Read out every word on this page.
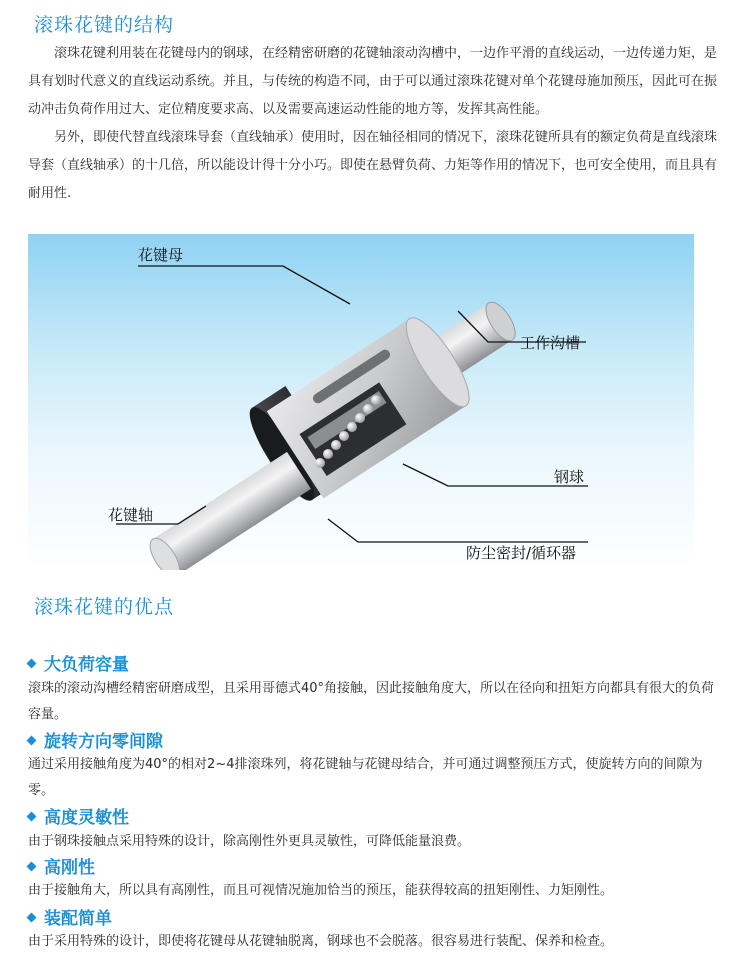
滚珠花键的结构

滚珠花键利用装在花键母内的钢球，在经精密研磨的花键轴滚动沟槽中，一边作平滑的直线运动，一边传递力矩，是具有划时代意义的直线运动系统。并且，与传统的构造不同，由于可以通过滚珠花键对单个花键母施加预压，因此可在振动冲击负荷作用过大、定位精度要求高、以及需要高速运动性能的地方等，发挥其高性能。

另外，即使代替直线滚珠导套（直线轴承）使用时，因在轴径相同的情况下，滚珠花键所具有的额定负荷是直线滚珠导套（直线轴承）的十几倍，所以能设计得十分小巧。即使在悬臂负荷、力矩等作用的情况下，也可安全使用，而且具有耐用性.

花键母
工作沟槽
钢球
花键轴
防尘密封/循环器
滚珠花键的优点
大负荷容量

滚珠的滚动沟槽经精密研磨成型，且采用哥德式40°角接触，因此接触角度大，所以在径向和扭矩方向都具有很大的负荷容量。

旋转方向零间隙

通过采用接触角度为40°的相对2~4排滚珠列，将花键轴与花键母结合，并可通过调整预压方式，使旋转方向的间隙为零。

高度灵敏性

由于钢珠接触点采用特殊的设计，除高刚性外更具灵敏性，可降低能量浪费。

高刚性

由于接触角大，所以具有高刚性，而且可视情况施加恰当的预压，能获得较高的扭矩刚性、力矩刚性。

装配简单

由于采用特殊的设计，即使将花键母从花键轴脱离，钢球也不会脱落。很容易进行装配、保养和检查。
